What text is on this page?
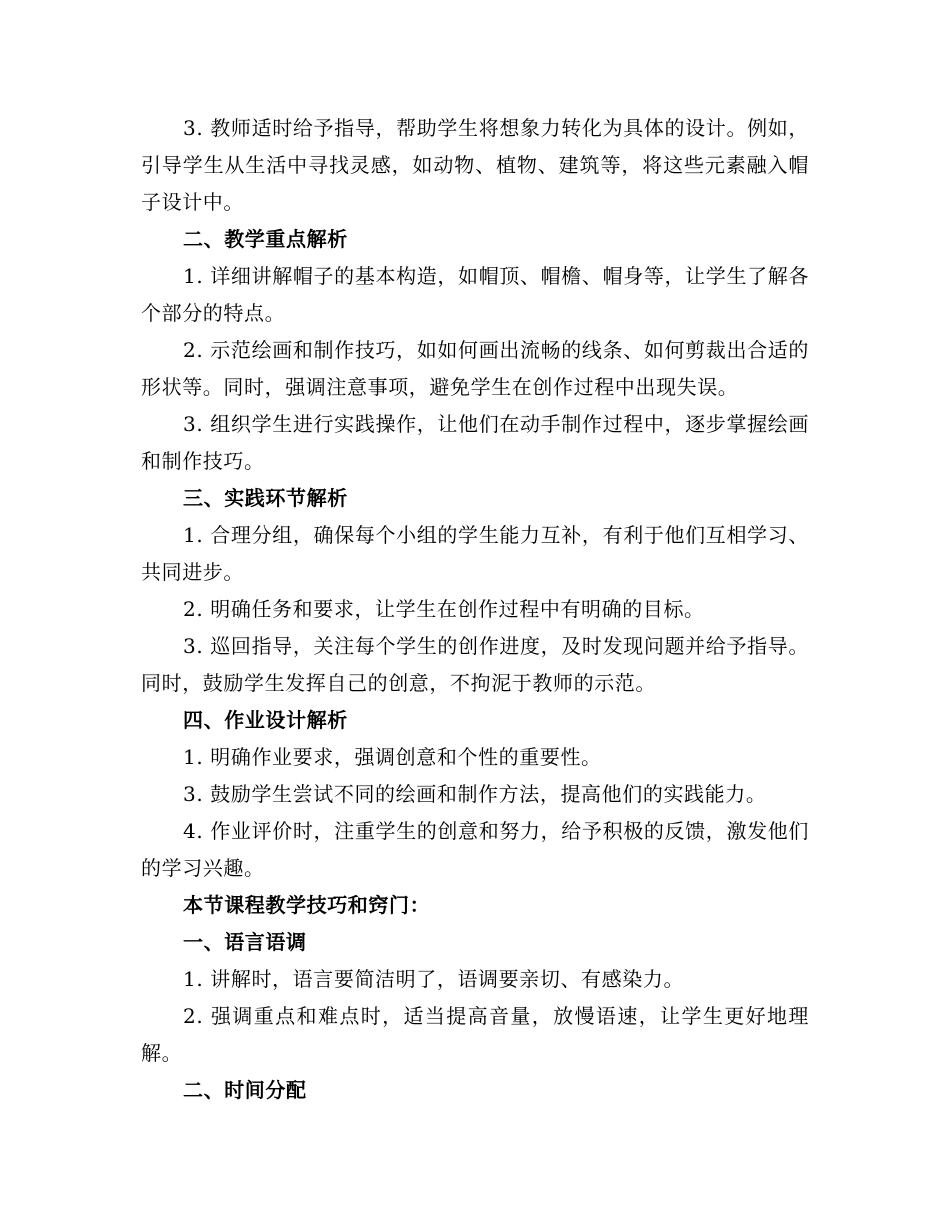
3. 教师适时给予指导，帮助学生将想象力转化为具体的设计。例如，引导学生从生活中寻找灵感，如动物、植物、建筑等，将这些元素融入帽子设计中。

二、教学重点解析

1. 详细讲解帽子的基本构造，如帽顶、帽檐、帽身等，让学生了解各个部分的特点。

2. 示范绘画和制作技巧，如如何画出流畅的线条、如何剪裁出合适的形状等。同时，强调注意事项，避免学生在创作过程中出现失误。

3. 组织学生进行实践操作，让他们在动手制作过程中，逐步掌握绘画和制作技巧。

三、实践环节解析

1. 合理分组，确保每个小组的学生能力互补，有利于他们互相学习、共同进步。

2. 明确任务和要求，让学生在创作过程中有明确的目标。

3. 巡回指导，关注每个学生的创作进度，及时发现问题并给予指导。同时，鼓励学生发挥自己的创意，不拘泥于教师的示范。

四、作业设计解析

1. 明确作业要求，强调创意和个性的重要性。

3. 鼓励学生尝试不同的绘画和制作方法，提高他们的实践能力。

4. 作业评价时，注重学生的创意和努力，给予积极的反馈，激发他们的学习兴趣。

本节课程教学技巧和窍门：

一、语言语调

1. 讲解时，语言要简洁明了，语调要亲切、有感染力。

2. 强调重点和难点时，适当提高音量，放慢语速，让学生更好地理解。

二、时间分配
